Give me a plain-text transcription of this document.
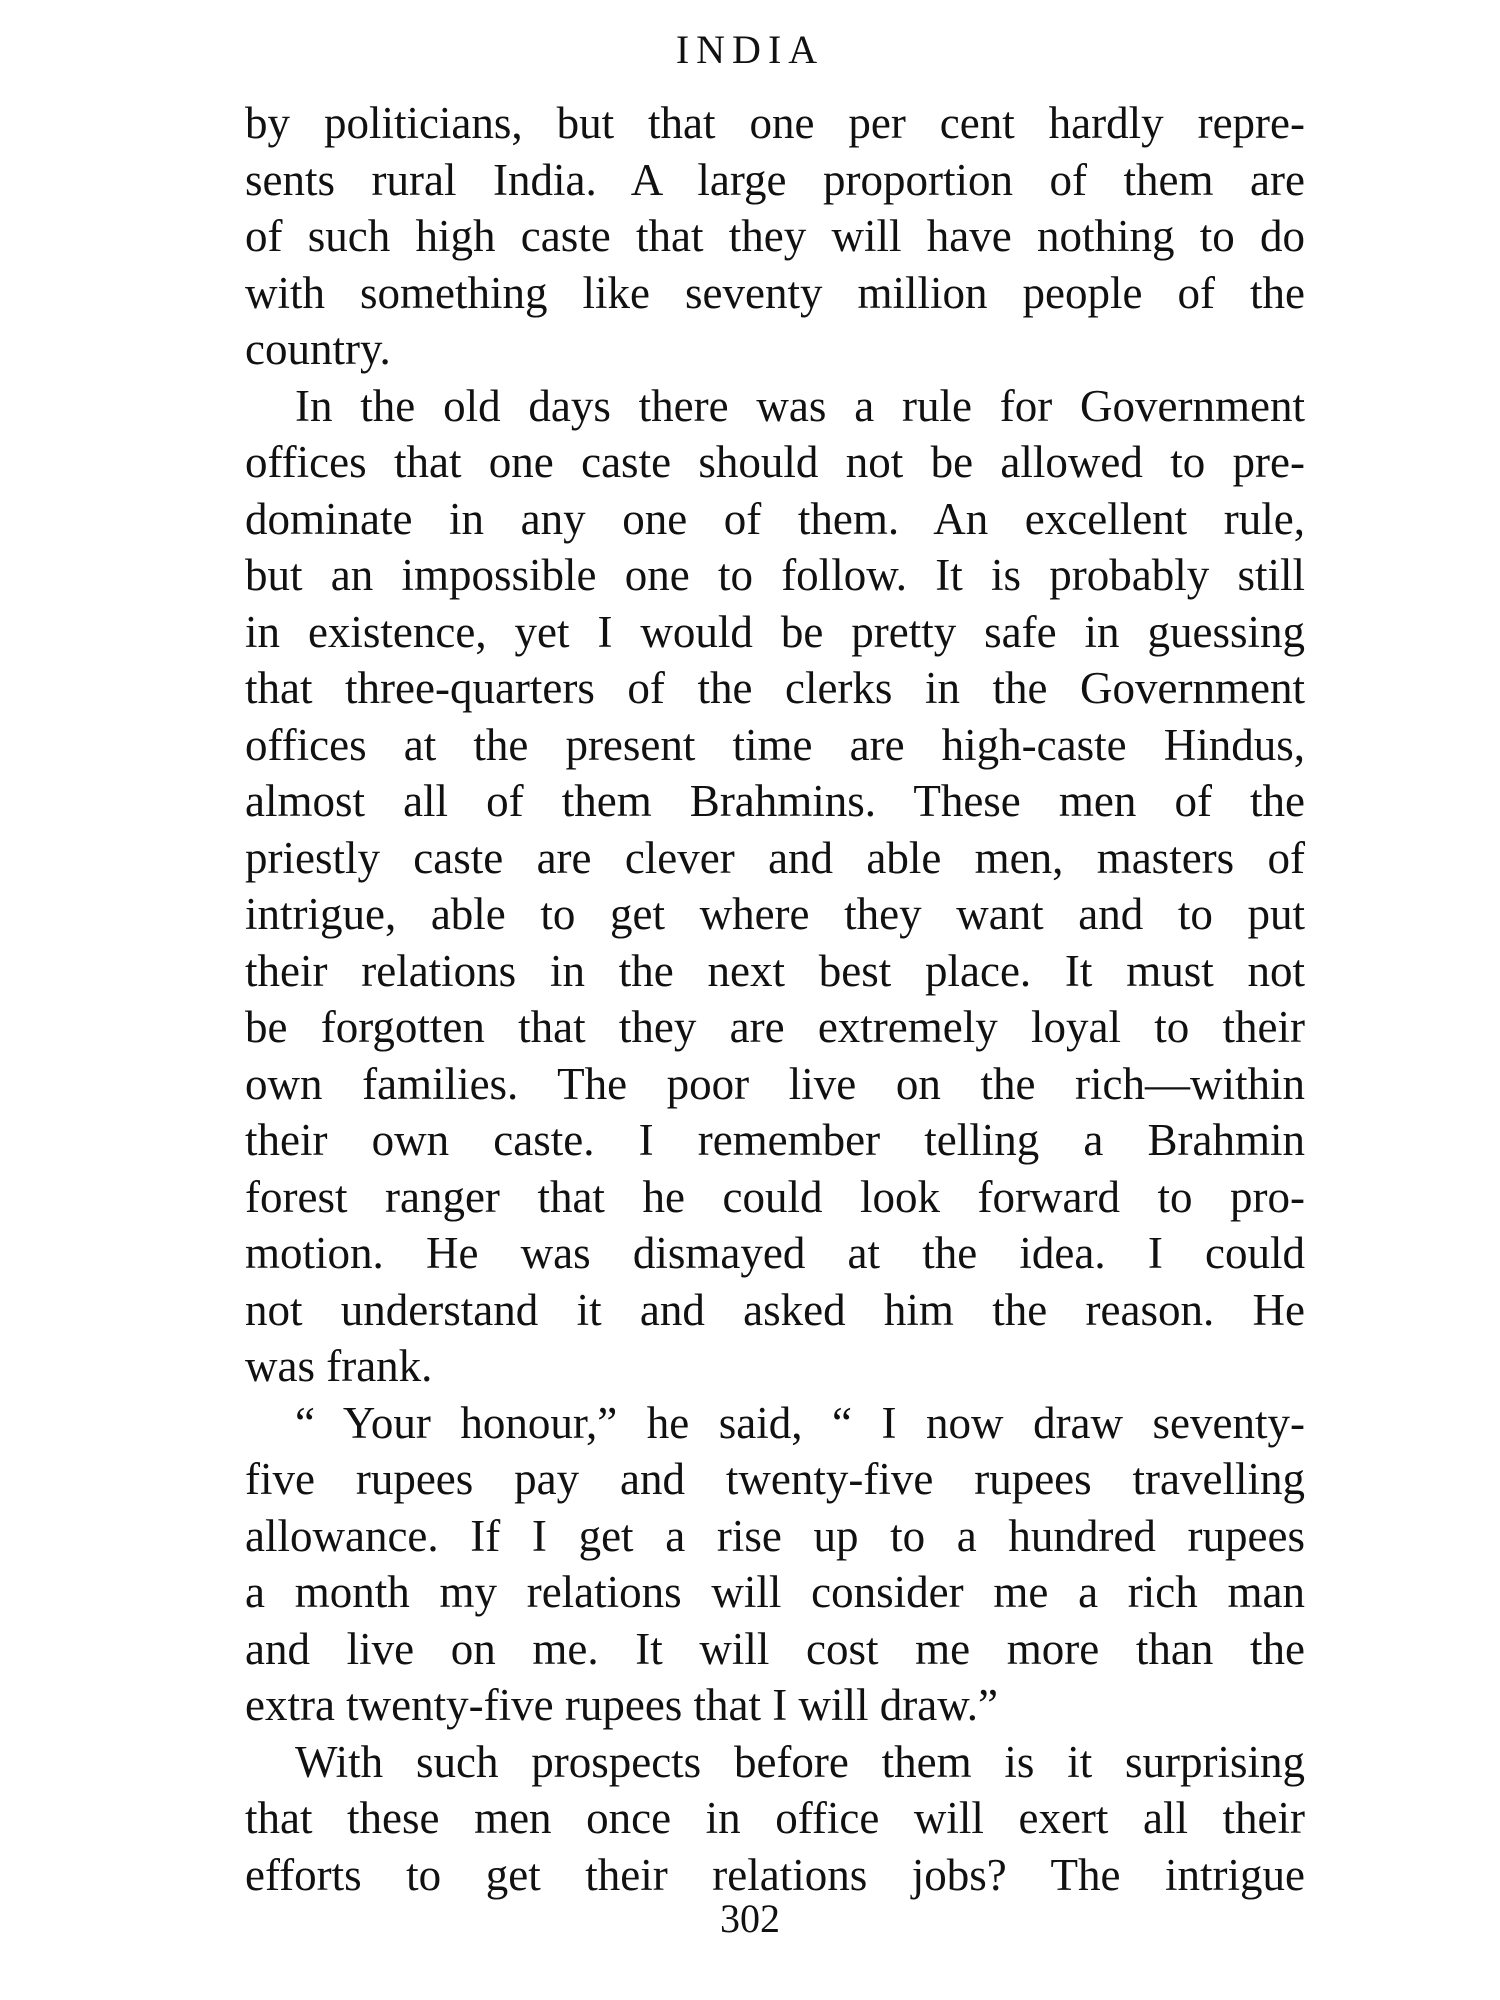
INDIA
by politicians, but that one per cent hardly repre-
sents rural India. A large proportion of them are
of such high caste that they will have nothing to do
with something like seventy million people of the
country.
In the old days there was a rule for Government
offices that one caste should not be allowed to pre-
dominate in any one of them. An excellent rule,
but an impossible one to follow. It is probably still
in existence, yet I would be pretty safe in guessing
that three-quarters of the clerks in the Government
offices at the present time are high-caste Hindus,
almost all of them Brahmins. These men of the
priestly caste are clever and able men, masters of
intrigue, able to get where they want and to put
their relations in the next best place. It must not
be forgotten that they are extremely loyal to their
own families. The poor live on the rich—within
their own caste. I remember telling a Brahmin
forest ranger that he could look forward to pro-
motion. He was dismayed at the idea. I could
not understand it and asked him the reason. He
was frank.
“ Your honour,” he said, “ I now draw seventy-
five rupees pay and twenty-five rupees travelling
allowance. If I get a rise up to a hundred rupees
a month my relations will consider me a rich man
and live on me. It will cost me more than the
extra twenty-five rupees that I will draw.”
With such prospects before them is it surprising
that these men once in office will exert all their
efforts to get their relations jobs? The intrigue
302
